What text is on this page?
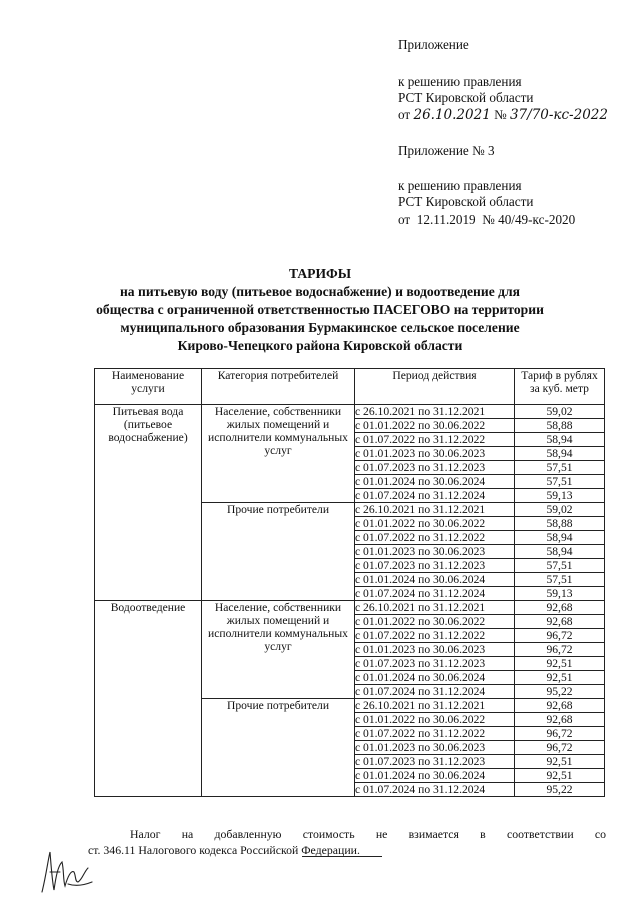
Приложение
к решению правления
РСТ Кировской области
от 26.10.2021 № 37/70-кс-2022
Приложение № 3
к решению правления
РСТ Кировской области
от  12.11.2019  № 40/49-кс-2020
ТАРИФЫ
на питьевую воду (питьевое водоснабжение) и водоотведение для
общества с ограниченной ответственностью ПАСЕГОВО на территории
муниципального образования Бурмакинское сельское поселение
Кирово-Чепецкого района Кировской области
Наименование услуги	Категория потребителей	Период действия	Тариф в рублях за куб. метр
Питьевая вода (питьевое водоснабжение)	Население, собственники жилых помещений и исполнители коммунальных услуг	с 26.10.2021 по 31.12.2021	59,02
		с 01.01.2022 по 30.06.2022	58,88
		с 01.07.2022 по 31.12.2022	58,94
		с 01.01.2023 по 30.06.2023	58,94
		с 01.07.2023 по 31.12.2023	57,51
		с 01.01.2024 по 30.06.2024	57,51
		с 01.07.2024 по 31.12.2024	59,13
	Прочие потребители	с 26.10.2021 по 31.12.2021	59,02
		с 01.01.2022 по 30.06.2022	58,88
		с 01.07.2022 по 31.12.2022	58,94
		с 01.01.2023 по 30.06.2023	58,94
		с 01.07.2023 по 31.12.2023	57,51
		с 01.01.2024 по 30.06.2024	57,51
		с 01.07.2024 по 31.12.2024	59,13
Водоотведение	Население, собственники жилых помещений и исполнители коммунальных услуг	с 26.10.2021 по 31.12.2021	92,68
		с 01.01.2022 по 30.06.2022	92,68
		с 01.07.2022 по 31.12.2022	96,72
		с 01.01.2023 по 30.06.2023	96,72
		с 01.07.2023 по 31.12.2023	92,51
		с 01.01.2024 по 30.06.2024	92,51
		с 01.07.2024 по 31.12.2024	95,22
	Прочие потребители	с 26.10.2021 по 31.12.2021	92,68
		с 01.01.2022 по 30.06.2022	92,68
		с 01.07.2022 по 31.12.2022	96,72
		с 01.01.2023 по 30.06.2023	96,72
		с 01.07.2023 по 31.12.2023	92,51
		с 01.01.2024 по 30.06.2024	92,51
		с 01.07.2024 по 31.12.2024	95,22
Налог на добавленную стоимость не взимается в соответствии со
ст. 346.11 Налогового кодекса Российской Федерации.
